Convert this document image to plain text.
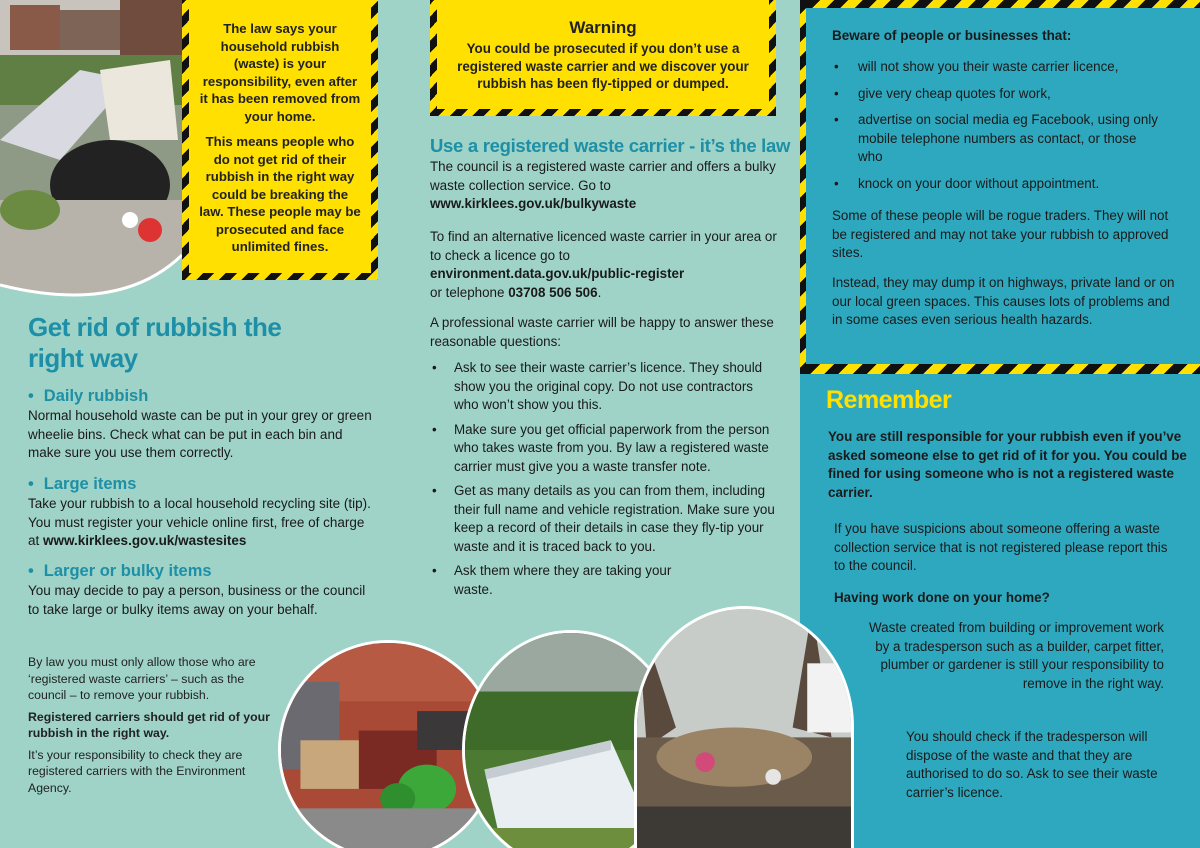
The law says your household rubbish (waste) is your responsibility, even after it has been removed from your home.

This means people who do not get rid of their rubbish in the right way could be breaking the law. These people may be prosecuted and face unlimited fines.

Get rid of rubbish the right way
• Daily rubbish
Normal household waste can be put in your grey or green wheelie bins. Check what can be put in each bin and make sure you use them correctly.
• Large items
Take your rubbish to a local household recycling site (tip). You must register your vehicle online first, free of charge at www.kirklees.gov.uk/wastesites
• Larger or bulky items
You may decide to pay a person, business or the council to take large or bulky items away on your behalf.

By law you must only allow those who are ‘registered waste carriers’ – such as the council – to remove your rubbish.

Registered carriers should get rid of your rubbish in the right way.

It’s your responsibility to check they are registered carriers with the Environment Agency.

Warning
You could be prosecuted if you don’t use a registered waste carrier and we discover your rubbish has been fly-tipped or dumped.
Use a registered waste carrier - it’s the law
The council is a registered waste carrier and offers a bulky waste collection service. Go to
www.kirklees.gov.uk/bulkywaste
To find an alternative licenced waste carrier in your area or to check a licence go to
environment.data.gov.uk/public-register
or telephone 03708 506 506.
A professional waste carrier will be happy to answer these reasonable questions:
• Ask to see their waste carrier’s licence. They should show you the original copy. Do not use contractors who won’t show you this.
• Make sure you get official paperwork from the person who takes waste from you. By law a registered waste carrier must give you a waste transfer note.
• Get as many details as you can from them, including their full name and vehicle registration. Make sure you keep a record of their details in case they fly-tip your waste and it is traced back to you.
• Ask them where they are taking your waste.
Beware of people or businesses that:
• will not show you their waste carrier licence,
• give very cheap quotes for work,
• advertise on social media eg Facebook, using only mobile telephone numbers as contact, or those who
• knock on your door without appointment.
Some of these people will be rogue traders. They will not be registered and may not take your rubbish to approved sites.
Instead, they may dump it on highways, private land or on our local green spaces. This causes lots of problems and in some cases even serious health hazards.
Remember
You are still responsible for your rubbish even if you’ve asked someone else to get rid of it for you. You could be fined for using someone who is not a registered waste carrier.
If you have suspicions about someone offering a waste collection service that is not registered please report this to the council.
Having work done on your home?
Waste created from building or improvement work by a tradesperson such as a builder, carpet fitter, plumber or gardener is still your responsibility to remove in the right way.
You should check if the tradesperson will dispose of the waste and that they are authorised to do so. Ask to see their waste carrier’s licence.
